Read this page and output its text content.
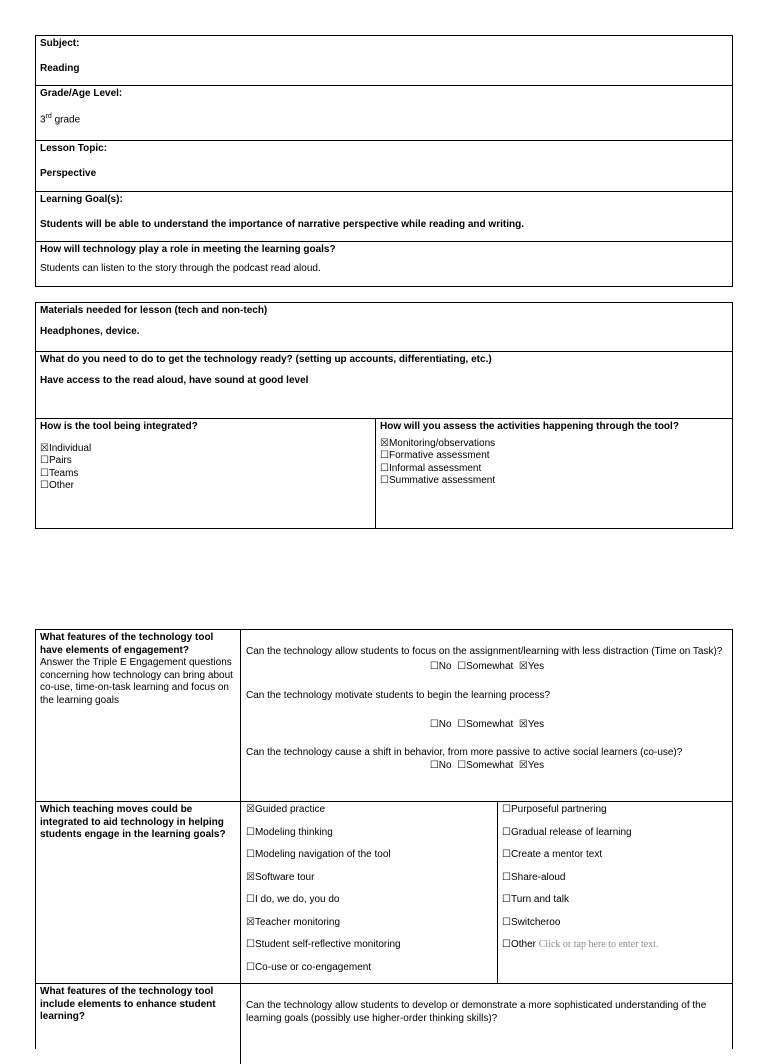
Subject:
Reading
Grade/Age Level:
3rd grade
Lesson Topic:
Perspective
Learning Goal(s):
Students will be able to understand the importance of narrative perspective while reading and writing.
How will technology play a role in meeting the learning goals?
Students can listen to the story through the podcast read aloud.
Materials needed for lesson (tech and non-tech)
Headphones, device.
What do you need to do to get the technology ready? (setting up accounts, differentiating, etc.)
Have access to the read aloud, have sound at good level
How is the tool being integrated?
☒Individual
☐Pairs
☐Teams
☐Other
How will you assess the activities happening through the tool?
☒Monitoring/observations
☐Formative assessment
☐Informal assessment
☐Summative assessment
What features of the technology tool have elements of engagement?
Answer the Triple E Engagement questions concerning how technology can bring about co-use, time-on-task learning and focus on the learning goals
Can the technology allow students to focus on the assignment/learning with less distraction (Time on Task)?
☐No  ☐Somewhat  ☒Yes
Can the technology motivate students to begin the learning process?
☐No  ☐Somewhat  ☒Yes
Can the technology cause a shift in behavior, from more passive to active social learners (co-use)?
☐No  ☐Somewhat  ☒Yes
Which teaching moves could be integrated to aid technology in helping students engage in the learning goals?
☒Guided practice
☐Modeling thinking
☐Modeling navigation of the tool
☒Software tour
☐I do, we do, you do
☒Teacher monitoring
☐Student self-reflective monitoring
☐Co-use or co-engagement
☐Purposeful partnering
☐Gradual release of learning
☐Create a mentor text
☐Share-aloud
☐Turn and talk
☐Switcheroo
☐Other Click or tap here to enter text.
What features of the technology tool include elements to enhance student learning?
Can the technology allow students to develop or demonstrate a more sophisticated understanding of the learning goals (possibly use higher-order thinking skills)?
